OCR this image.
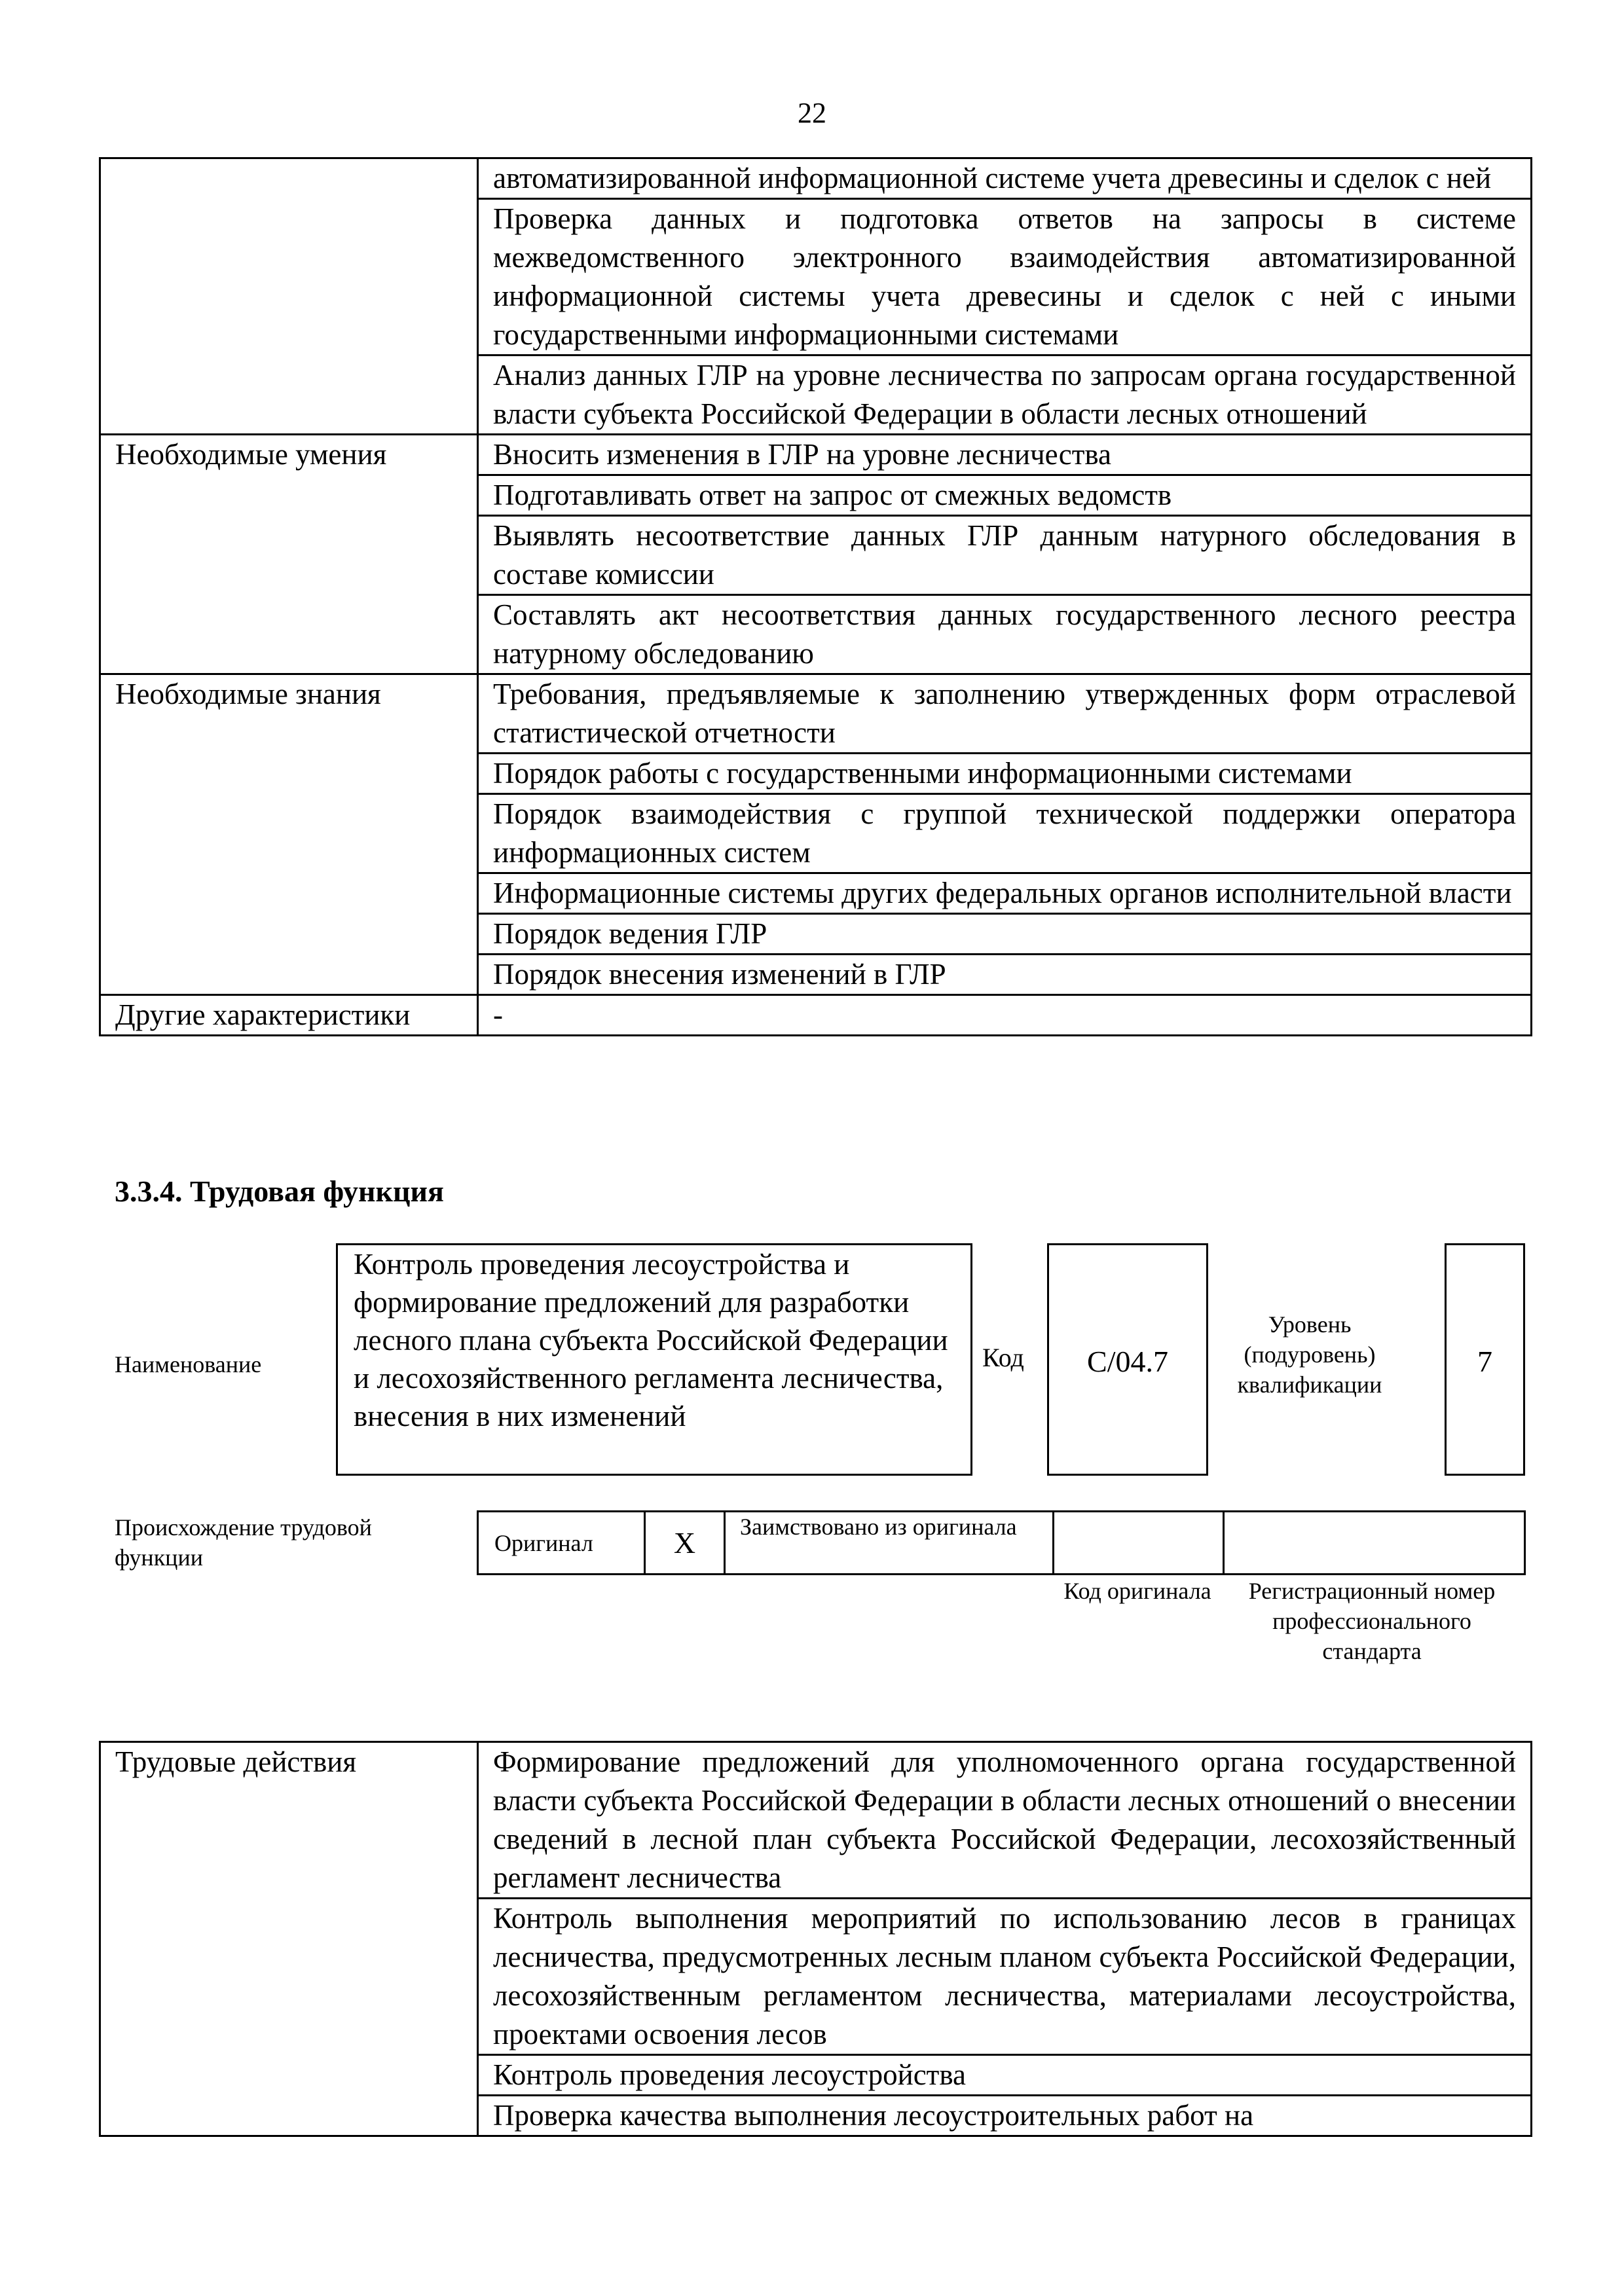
22
	автоматизированной информационной системе учета древесины и сделок с ней
	Проверка данных и подготовка ответов на запросы в системе межведомственного электронного взаимодействия автоматизированной информационной системы учета древесины и сделок с ней с иными государственными информационными системами
	Анализ данных ГЛР на уровне лесничества по запросам органа государственной власти субъекта Российской Федерации в области лесных отношений
Необходимые умения	Вносить изменения в ГЛР на уровне лесничества
	Подготавливать ответ на запрос от смежных ведомств
	Выявлять несоответствие данных ГЛР данным натурного обследования в составе комиссии
	Составлять акт несоответствия данных государственного лесного реестра натурному обследованию
Необходимые знания	Требования, предъявляемые к заполнению утвержденных форм отраслевой статистической отчетности
	Порядок работы с государственными информационными системами
	Порядок взаимодействия с группой технической поддержки оператора информационных систем
	Информационные системы других федеральных органов исполнительной власти
	Порядок ведения ГЛР
	Порядок внесения изменений в ГЛР
Другие характеристики	-
3.3.4. Трудовая функция
Наименование
Контроль проведения лесоустройства и формирование предложений для разработки лесного плана субъекта Российской Федерации и лесохозяйственного регламента лесничества, внесения в них изменений
Код	C/04.7
Уровень (подуровень) квалификации
7
Происхождение трудовой функции
Оригинал	X	Заимствовано из оригинала		
Код оригинала	Регистрационный номер профессионального стандарта
Трудовые действия	Формирование предложений для уполномоченного органа государственной власти субъекта Российской Федерации в области лесных отношений о внесении сведений в лесной план субъекта Российской Федерации, лесохозяйственный регламент лесничества
Контроль выполнения мероприятий по использованию лесов в границах лесничества, предусмотренных лесным планом субъекта Российской Федерации, лесохозяйственным регламентом лесничества, материалами лесоустройства, проектами освоения лесов
Контроль проведения лесоустройства
Проверка качества выполнения лесоустроительных работ на
